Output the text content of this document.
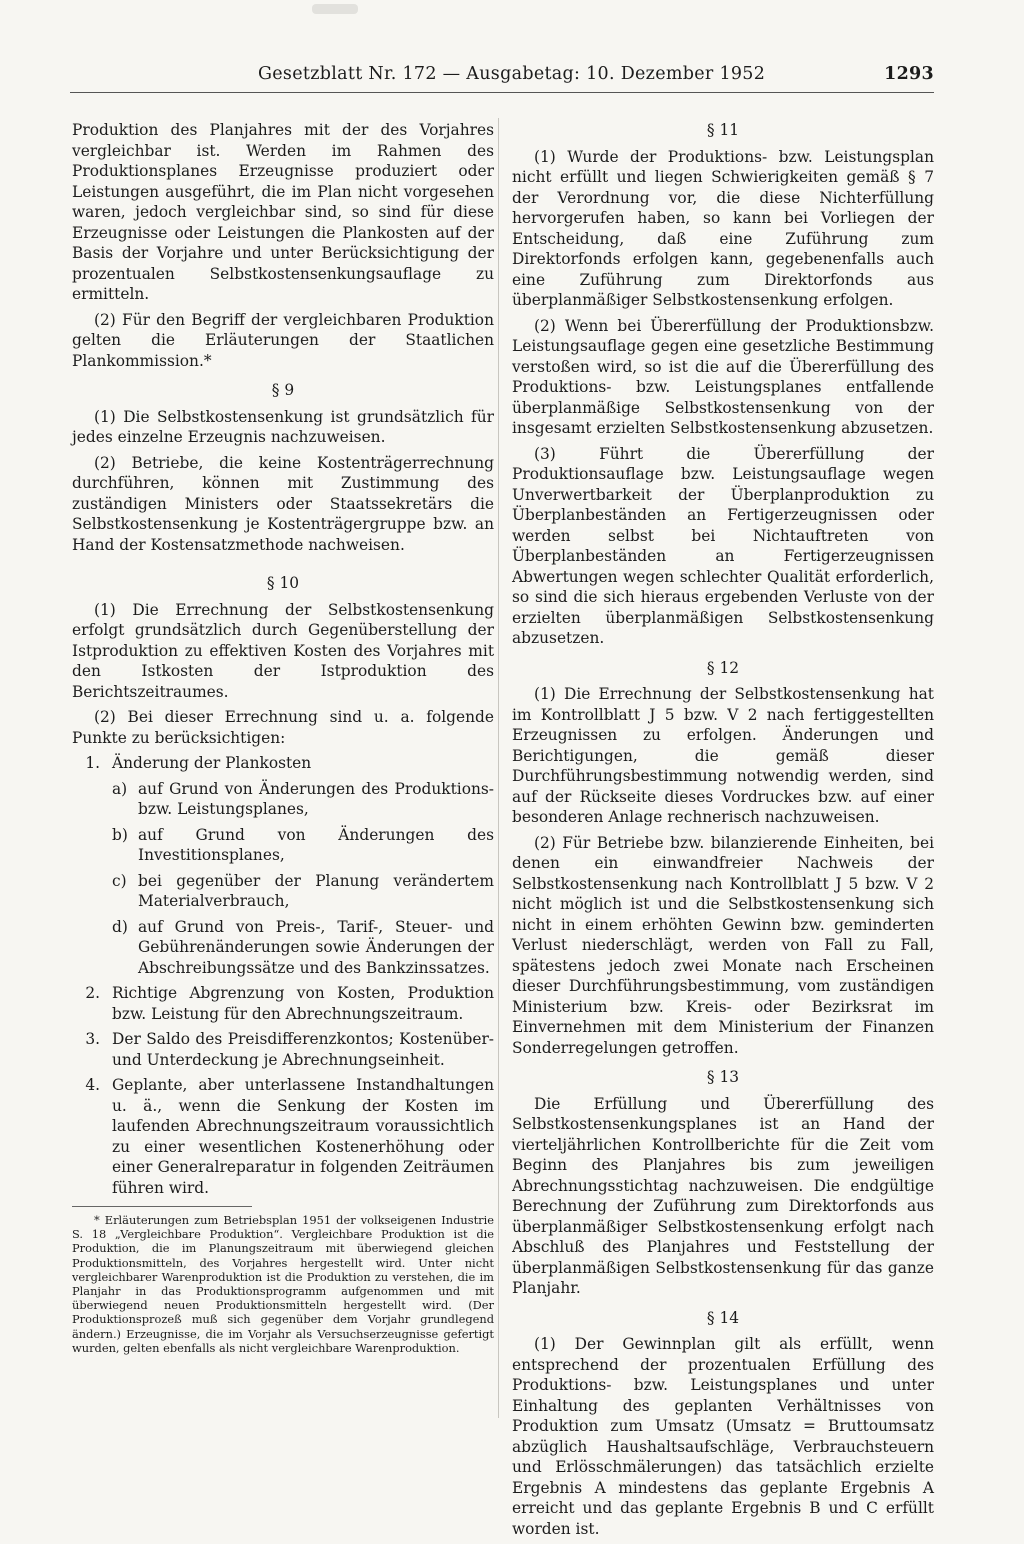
Gesetzblatt Nr. 172 — Ausgabetag: 10. Dezember 1952	1293

Produktion des Planjahres mit der des Vorjahres vergleichbar ist. Werden im Rahmen des Produktionsplanes Erzeugnisse produziert oder Leistungen ausgeführt, die im Plan nicht vorgesehen waren, jedoch vergleichbar sind, so sind für diese Erzeugnisse oder Leistungen die Plankosten auf der Basis der Vorjahre und unter Berücksichtigung der prozentualen Selbstkostensenkungsauflage zu ermitteln.

(2) Für den Begriff der vergleichbaren Produktion gelten die Erläuterungen der Staatlichen Plankommission.*

§ 9

(1) Die Selbstkostensenkung ist grundsätzlich für jedes einzelne Erzeugnis nachzuweisen.

(2) Betriebe, die keine Kostenträgerrechnung durchführen, können mit Zustimmung des zuständigen Ministers oder Staatssekretärs die Selbstkostensenkung je Kostenträgergruppe bzw. an Hand der Kostensatzmethode nachweisen.

§ 10

(1) Die Errechnung der Selbstkostensenkung erfolgt grundsätzlich durch Gegenüberstellung der Istproduktion zu effektiven Kosten des Vorjahres mit den Istkosten der Istproduktion des Berichtszeitraumes.

(2) Bei dieser Errechnung sind u. a. folgende Punkte zu berücksichtigen:

1. Änderung der Plankosten
a) auf Grund von Änderungen des Produktions- bzw. Leistungsplanes,
b) auf Grund von Änderungen des Investitionsplanes,
c) bei gegenüber der Planung verändertem Materialverbrauch,
d) auf Grund von Preis-, Tarif-, Steuer- und Gebührenänderungen sowie Änderungen der Abschreibungssätze und des Bankzinssatzes.
2. Richtige Abgrenzung von Kosten, Produktion bzw. Leistung für den Abrechnungszeitraum.
3. Der Saldo des Preisdifferenzkontos; Kostenüber- und Unterdeckung je Abrechnungseinheit.
4. Geplante, aber unterlassene Instandhaltungen u. ä., wenn die Senkung der Kosten im laufenden Abrechnungszeitraum voraussichtlich zu einer wesentlichen Kostenerhöhung oder einer Generalreparatur in folgenden Zeiträumen führen wird.

* Erläuterungen zum Betriebsplan 1951 der volkseigenen Industrie S. 18 „Vergleichbare Produktion“. Vergleichbare Produktion ist die Produktion, die im Planungszeitraum mit überwiegend gleichen Produktionsmitteln, des Vorjahres hergestellt wird. Unter nicht vergleichbarer Warenproduktion ist die Produktion zu verstehen, die im Planjahr in das Produktionsprogramm aufgenommen und mit überwiegend neuen Produktionsmitteln hergestellt wird. (Der Produktionsprozeß muß sich gegenüber dem Vorjahr grundlegend ändern.) Erzeugnisse, die im Vorjahr als Versuchserzeugnisse gefertigt wurden, gelten ebenfalls als nicht vergleichbare Warenproduktion.

§ 11

(1) Wurde der Produktions- bzw. Leistungsplan nicht erfüllt und liegen Schwierigkeiten gemäß § 7 der Verordnung vor, die diese Nichterfüllung hervorgerufen haben, so kann bei Vorliegen der Entscheidung, daß eine Zuführung zum Direktorfonds erfolgen kann, gegebenenfalls auch eine Zuführung zum Direktorfonds aus überplanmäßiger Selbstkostensenkung erfolgen.

(2) Wenn bei Übererfüllung der Produktionsbzw. Leistungsauflage gegen eine gesetzliche Bestimmung verstoßen wird, so ist die auf die Übererfüllung des Produktions- bzw. Leistungsplanes entfallende überplanmäßige Selbstkostensenkung von der insgesamt erzielten Selbstkostensenkung abzusetzen.

(3) Führt die Übererfüllung der Produktionsauflage bzw. Leistungsauflage wegen Unverwertbarkeit der Überplanproduktion zu Überplanbeständen an Fertigerzeugnissen oder werden selbst bei Nichtauftreten von Überplanbeständen an Fertigerzeugnissen Abwertungen wegen schlechter Qualität erforderlich, so sind die sich hieraus ergebenden Verluste von der erzielten überplanmäßigen Selbstkostensenkung abzusetzen.

§ 12

(1) Die Errechnung der Selbstkostensenkung hat im Kontrollblatt J 5 bzw. V 2 nach fertiggestellten Erzeugnissen zu erfolgen. Änderungen und Berichtigungen, die gemäß dieser Durchführungsbestimmung notwendig werden, sind auf der Rückseite dieses Vordruckes bzw. auf einer besonderen Anlage rechnerisch nachzuweisen.

(2) Für Betriebe bzw. bilanzierende Einheiten, bei denen ein einwandfreier Nachweis der Selbstkostensenkung nach Kontrollblatt J 5 bzw. V 2 nicht möglich ist und die Selbstkostensenkung sich nicht in einem erhöhten Gewinn bzw. geminderten Verlust niederschlägt, werden von Fall zu Fall, spätestens jedoch zwei Monate nach Erscheinen dieser Durchführungsbestimmung, vom zuständigen Ministerium bzw. Kreis- oder Bezirksrat im Einvernehmen mit dem Ministerium der Finanzen Sonderregelungen getroffen.

§ 13

Die Erfüllung und Übererfüllung des Selbstkostensenkungsplanes ist an Hand der vierteljährlichen Kontrollberichte für die Zeit vom Beginn des Planjahres bis zum jeweiligen Abrechnungsstichtag nachzuweisen. Die endgültige Berechnung der Zuführung zum Direktorfonds aus überplanmäßiger Selbstkostensenkung erfolgt nach Abschluß des Planjahres und Feststellung der überplanmäßigen Selbstkostensenkung für das ganze Planjahr.

§ 14

(1) Der Gewinnplan gilt als erfüllt, wenn entsprechend der prozentualen Erfüllung des Produktions- bzw. Leistungsplanes und unter Einhaltung des geplanten Verhältnisses von Produktion zum Umsatz (Umsatz = Bruttoumsatz abzüglich Haushaltsaufschläge, Verbrauchsteuern und Erlösschmälerungen) das tatsächlich erzielte Ergebnis A mindestens das geplante Ergebnis A erreicht und das geplante Ergebnis B und C erfüllt worden ist.
